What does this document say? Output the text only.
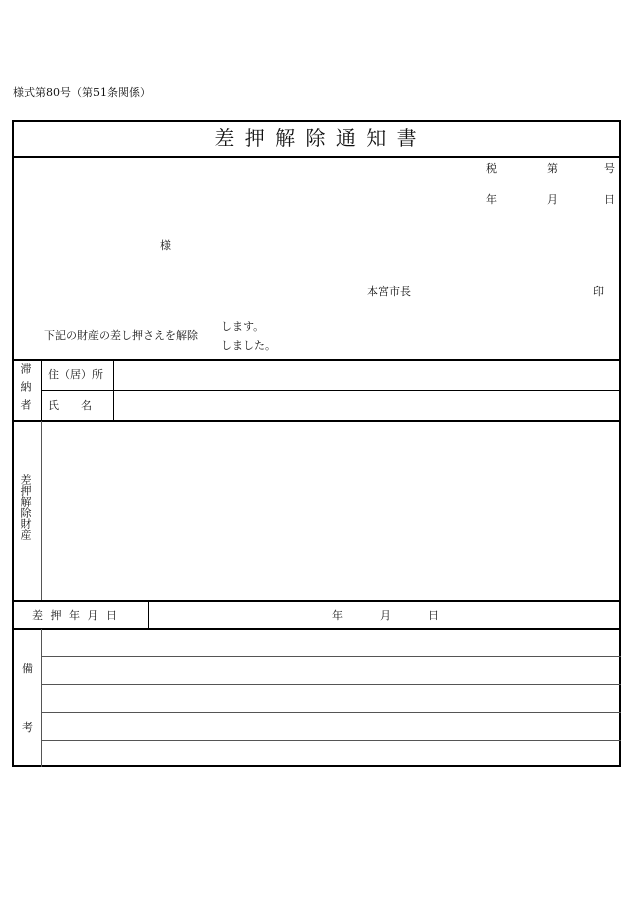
様式第80号（第51条関係）
差 押 解 除 通 知 書
税	第	号
年	月	日
様
本宮市長	印
下記の財産の差し押さえを解除
します。
しました。
滞納者 住（居）所
氏　　名
差押解除財産
差 押 年 月 日	年	月	日
備
考
